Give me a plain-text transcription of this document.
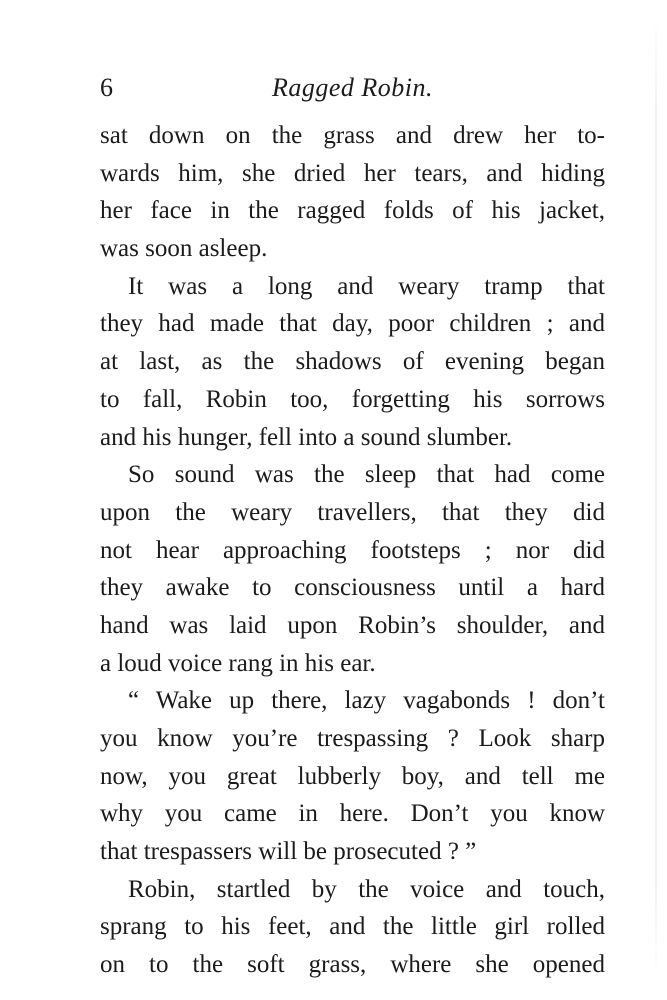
6	Ragged Robin.
sat down on the grass and drew her to-
wards him, she dried her tears, and hiding
her face in the ragged folds of his jacket,
was soon asleep.
It was a long and weary tramp that
they had made that day, poor children ; and
at last, as the shadows of evening began
to fall, Robin too, forgetting his sorrows
and his hunger, fell into a sound slumber.
So sound was the sleep that had come
upon the weary travellers, that they did
not hear approaching footsteps ; nor did
they awake to consciousness until a hard
hand was laid upon Robin’s shoulder, and
a loud voice rang in his ear.
“ Wake up there, lazy vagabonds ! don’t
you know you’re trespassing ? Look sharp
now, you great lubberly boy, and tell me
why you came in here. Don’t you know
that trespassers will be prosecuted ? ”
Robin, startled by the voice and touch,
sprang to his feet, and the little girl rolled
on to the soft grass, where she opened
